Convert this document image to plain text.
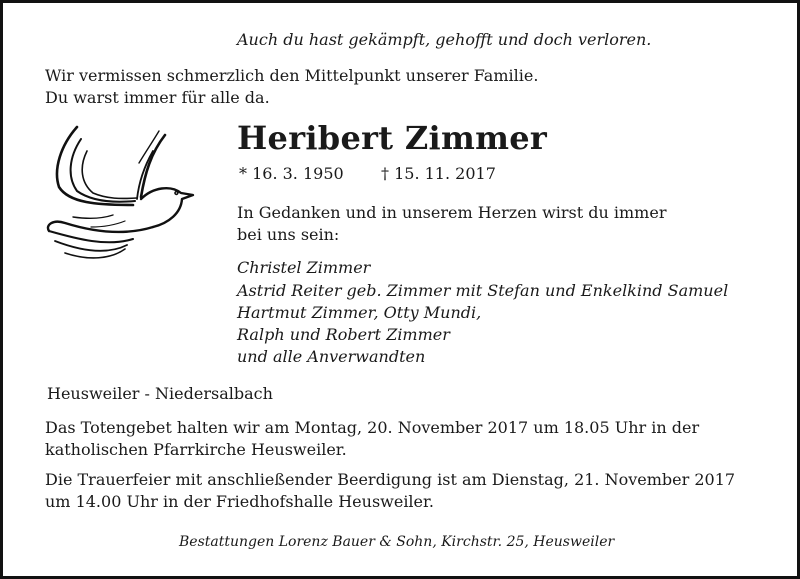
Auch du hast gekämpft, gehofft und doch verloren.
Wir vermissen schmerzlich den Mittelpunkt unserer Familie.
Du warst immer für alle da.
Heribert Zimmer
* 16. 3. 1950 † 15. 11. 2017
In Gedanken und in unserem Herzen wirst du immer
bei uns sein:
Christel Zimmer
Astrid Reiter geb. Zimmer mit Stefan und Enkelkind Samuel
Hartmut Zimmer, Otty Mundi,
Ralph und Robert Zimmer
und alle Anverwandten
Heusweiler - Niedersalbach
Das Totengebet halten wir am Montag, 20. November 2017 um 18.05 Uhr in der
katholischen Pfarrkirche Heusweiler.
Die Trauerfeier mit anschließender Beerdigung ist am Dienstag, 21. November 2017
um 14.00 Uhr in der Friedhofshalle Heusweiler.
Bestattungen Lorenz Bauer & Sohn, Kirchstr. 25, Heusweiler
